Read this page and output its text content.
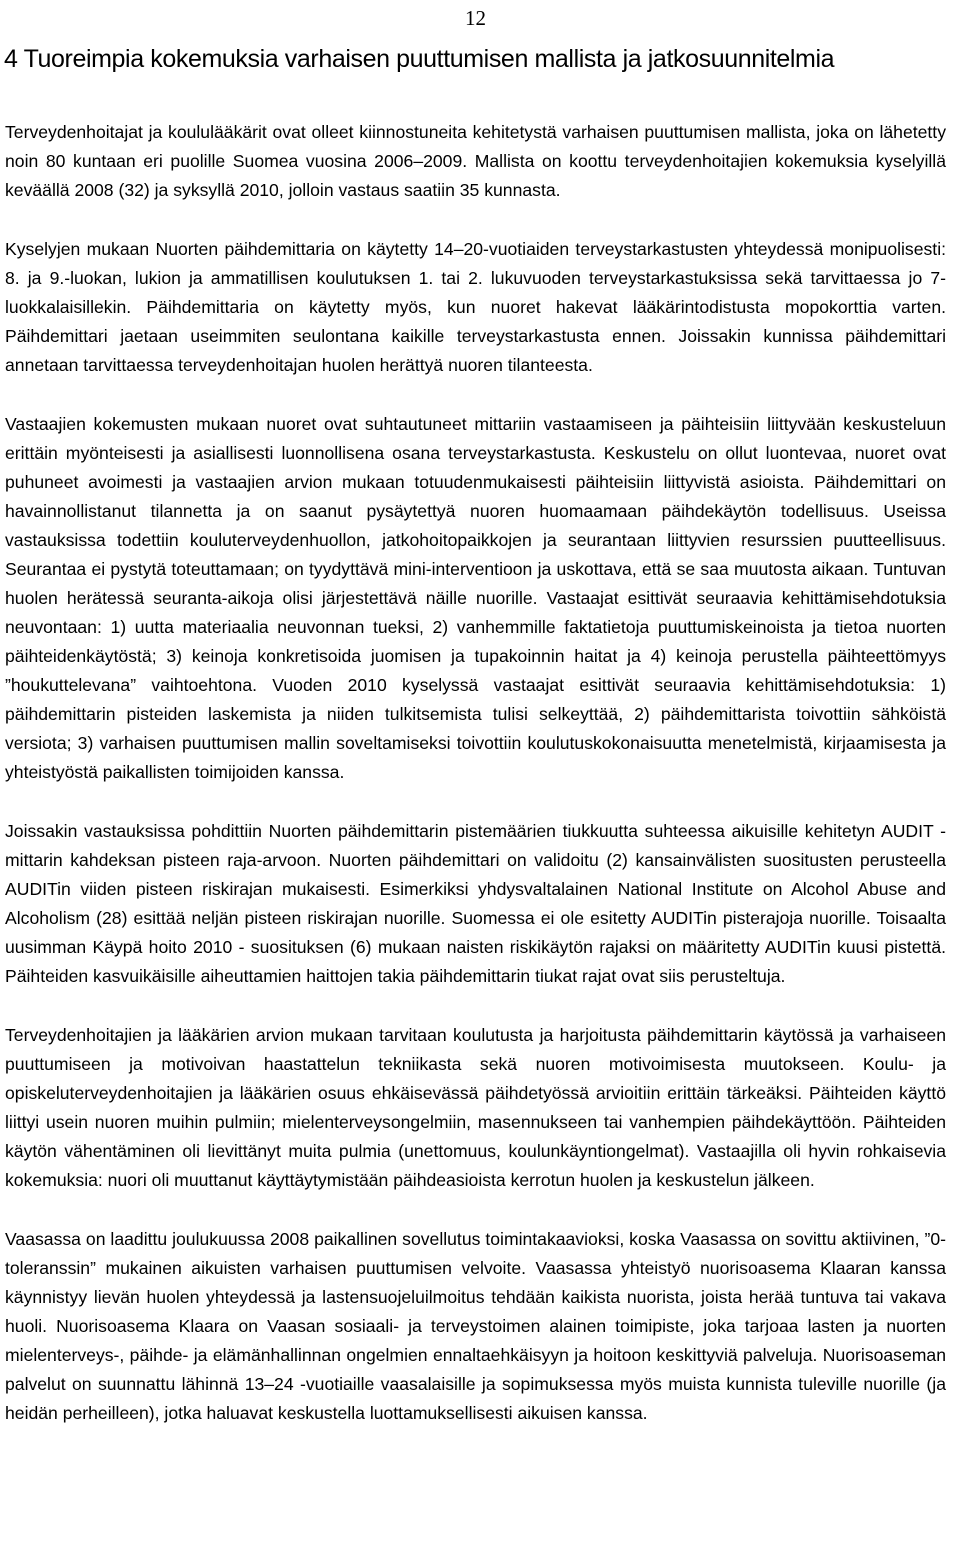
12
4 Tuoreimpia kokemuksia varhaisen puuttumisen mallista ja jatkosuunnitelmia

Terveydenhoitajat ja koululääkärit ovat olleet kiinnostuneita kehitetystä varhaisen puuttumisen mallista, joka on lähetetty noin 80 kuntaan eri puolille Suomea vuosina 2006–2009. Mallista on koottu terveydenhoitajien kokemuksia kyselyillä keväällä 2008 (32) ja syksyllä 2010, jolloin vastaus saatiin 35 kunnasta.

Kyselyjen mukaan Nuorten päihdemittaria on käytetty 14–20-vuotiaiden terveystarkastusten yhteydessä monipuolisesti: 8. ja 9.-luokan, lukion ja ammatillisen koulutuksen 1. tai 2. lukuvuoden terveystarkastuksissa sekä tarvittaessa jo 7-luokkalaisillekin. Päihdemittaria on käytetty myös, kun nuoret hakevat lääkärintodistusta mopokorttia varten. Päihdemittari jaetaan useimmiten seulontana kaikille terveystarkastusta ennen. Joissakin kunnissa päihdemittari annetaan tarvittaessa terveydenhoitajan huolen herättyä nuoren tilanteesta.

Vastaajien kokemusten mukaan nuoret ovat suhtautuneet mittariin vastaamiseen ja päihteisiin liittyvään keskusteluun erittäin myönteisesti ja asiallisesti luonnollisena osana terveystarkastusta. Keskustelu on ollut luontevaa, nuoret ovat puhuneet avoimesti ja vastaajien arvion mukaan totuudenmukaisesti päihteisiin liittyvistä asioista. Päihdemittari on havainnollistanut tilannetta ja on saanut pysäytettyä nuoren huomaamaan päihdekäytön todellisuus. Useissa vastauksissa todettiin kouluterveydenhuollon, jatkohoitopaikkojen ja seurantaan liittyvien resurssien puutteellisuus. Seurantaa ei pystytä toteuttamaan; on tyydyttävä mini-interventioon ja uskottava, että se saa muutosta aikaan. Tuntuvan huolen herätessä seuranta-aikoja olisi järjestettävä näille nuorille. Vastaajat esittivät seuraavia kehittämisehdotuksia neuvontaan: 1) uutta materiaalia neuvonnan tueksi, 2) vanhemmille faktatietoja puuttumiskeinoista ja tietoa nuorten päihteidenkäytöstä; 3) keinoja konkretisoida juomisen ja tupakoinnin haitat ja 4) keinoja perustella päihteettömyys ”houkuttelevana” vaihtoehtona. Vuoden 2010 kyselyssä vastaajat esittivät seuraavia kehittämisehdotuksia: 1) päihdemittarin pisteiden laskemista ja niiden tulkitsemista tulisi selkeyttää, 2) päihdemittarista toivottiin sähköistä versiota; 3) varhaisen puuttumisen mallin soveltamiseksi toivottiin koulutuskokonaisuutta menetelmistä, kirjaamisesta ja yhteistyöstä paikallisten toimijoiden kanssa.

Joissakin vastauksissa pohdittiin Nuorten päihdemittarin pistemäärien tiukkuutta suhteessa aikuisille kehitetyn AUDIT -mittarin kahdeksan pisteen raja-arvoon. Nuorten päihdemittari on validoitu (2) kansainvälisten suositusten perusteella AUDITin viiden pisteen riskirajan mukaisesti. Esimerkiksi yhdysvaltalainen National Institute on Alcohol Abuse and Alcoholism (28) esittää neljän pisteen riskirajan nuorille. Suomessa ei ole esitetty AUDITin pisterajoja nuorille. Toisaalta uusimman Käypä hoito 2010 - suosituksen (6) mukaan naisten riskikäytön rajaksi on määritetty AUDITin kuusi pistettä. Päihteiden kasvuikäisille aiheuttamien haittojen takia päihdemittarin tiukat rajat ovat siis perusteltuja.

Terveydenhoitajien ja lääkärien arvion mukaan tarvitaan koulutusta ja harjoitusta päihdemittarin käytössä ja varhaiseen puuttumiseen ja motivoivan haastattelun tekniikasta sekä nuoren motivoimisesta muutokseen. Koulu- ja opiskeluterveydenhoitajien ja lääkärien osuus ehkäisevässä päihdetyössä arvioitiin erittäin tärkeäksi. Päihteiden käyttö liittyi usein nuoren muihin pulmiin; mielenterveysongelmiin, masennukseen tai vanhempien päihdekäyttöön. Päihteiden käytön vähentäminen oli lievittänyt muita pulmia (unettomuus, koulunkäyntiongelmat). Vastaajilla oli hyvin rohkaisevia kokemuksia: nuori oli muuttanut käyttäytymistään päihdeasioista kerrotun huolen ja keskustelun jälkeen.

Vaasassa on laadittu joulukuussa 2008 paikallinen sovellutus toimintakaavioksi, koska Vaasassa on sovittu aktiivinen, ”0-toleranssin” mukainen aikuisten varhaisen puuttumisen velvoite. Vaasassa yhteistyö nuorisoasema Klaaran kanssa käynnistyy lievän huolen yhteydessä ja lastensuojeluilmoitus tehdään kaikista nuorista, joista herää tuntuva tai vakava huoli. Nuorisoasema Klaara on Vaasan sosiaali- ja terveystoimen alainen toimipiste, joka tarjoaa lasten ja nuorten mielenterveys-, päihde- ja elämänhallinnan ongelmien ennaltaehkäisyyn ja hoitoon keskittyviä palveluja. Nuorisoaseman palvelut on suunnattu lähinnä 13–24 -vuotiaille vaasalaisille ja sopimuksessa myös muista kunnista tuleville nuorille (ja heidän perheilleen), jotka haluavat keskustella luottamuksellisesti aikuisen kanssa.
